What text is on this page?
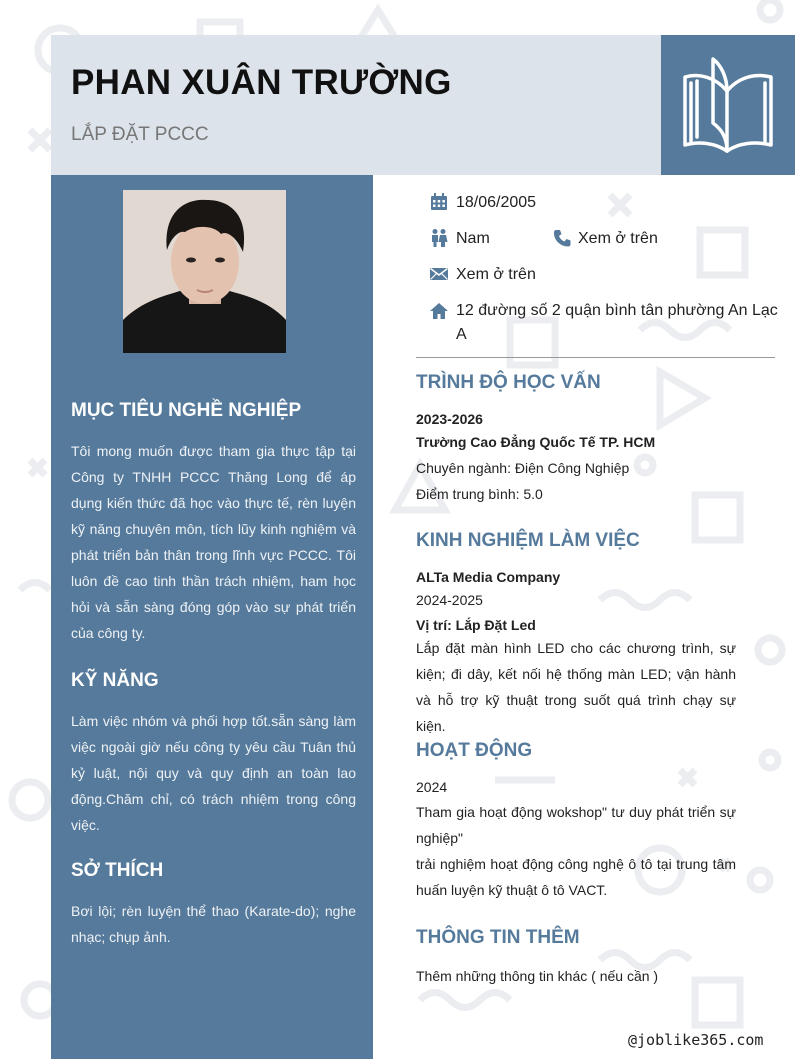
PHAN XUÂN TRƯỜNG
LẮP ĐẶT PCCC
MỤC TIÊU NGHỀ NGHIỆP
Tôi mong muốn được tham gia thực tập tại Công ty TNHH PCCC Thăng Long để áp dụng kiến thức đã học vào thực tế, rèn luyện kỹ năng chuyên môn, tích lũy kinh nghiệm và phát triển bản thân trong lĩnh vực PCCC. Tôi luôn đề cao tinh thần trách nhiệm, ham học hỏi và sẵn sàng đóng góp vào sự phát triển của công ty.
KỸ NĂNG
Làm việc nhóm và phối hợp tốt.sẵn sàng làm việc ngoài giờ nếu công ty yêu cầu Tuân thủ kỷ luật, nội quy và quy định an toàn lao động.Chăm chỉ, có trách nhiệm trong công việc.
SỞ THÍCH
Bơi lội; rèn luyện thể thao (Karate-do); nghe nhạc; chụp ảnh.
18/06/2005
Nam	Xem ở trên
Xem ở trên
12 đường số 2 quận bình tân phường An Lạc
A
TRÌNH ĐỘ HỌC VẤN
2023-2026
Trường Cao Đẳng Quốc Tế TP. HCM
Chuyên ngành: Điện Công Nghiệp
Điểm trung bình: 5.0
KINH NGHIỆM LÀM VIỆC
ALTa Media Company
2024-2025
Vị trí: Lắp Đặt Led
Lắp đặt màn hình LED cho các chương trình, sự kiện; đi dây, kết nối hệ thống màn LED; vận hành và hỗ trợ kỹ thuật trong suốt quá trình chạy sự kiện.
HOẠT ĐỘNG
2024
Tham gia hoạt động wokshop" tư duy phát triển sự nghiệp"
trải nghiệm hoạt động công nghệ ô tô tại trung tâm huấn luyện kỹ thuật ô tô VACT.
THÔNG TIN THÊM
Thêm những thông tin khác ( nếu cần )
@joblike365.com
